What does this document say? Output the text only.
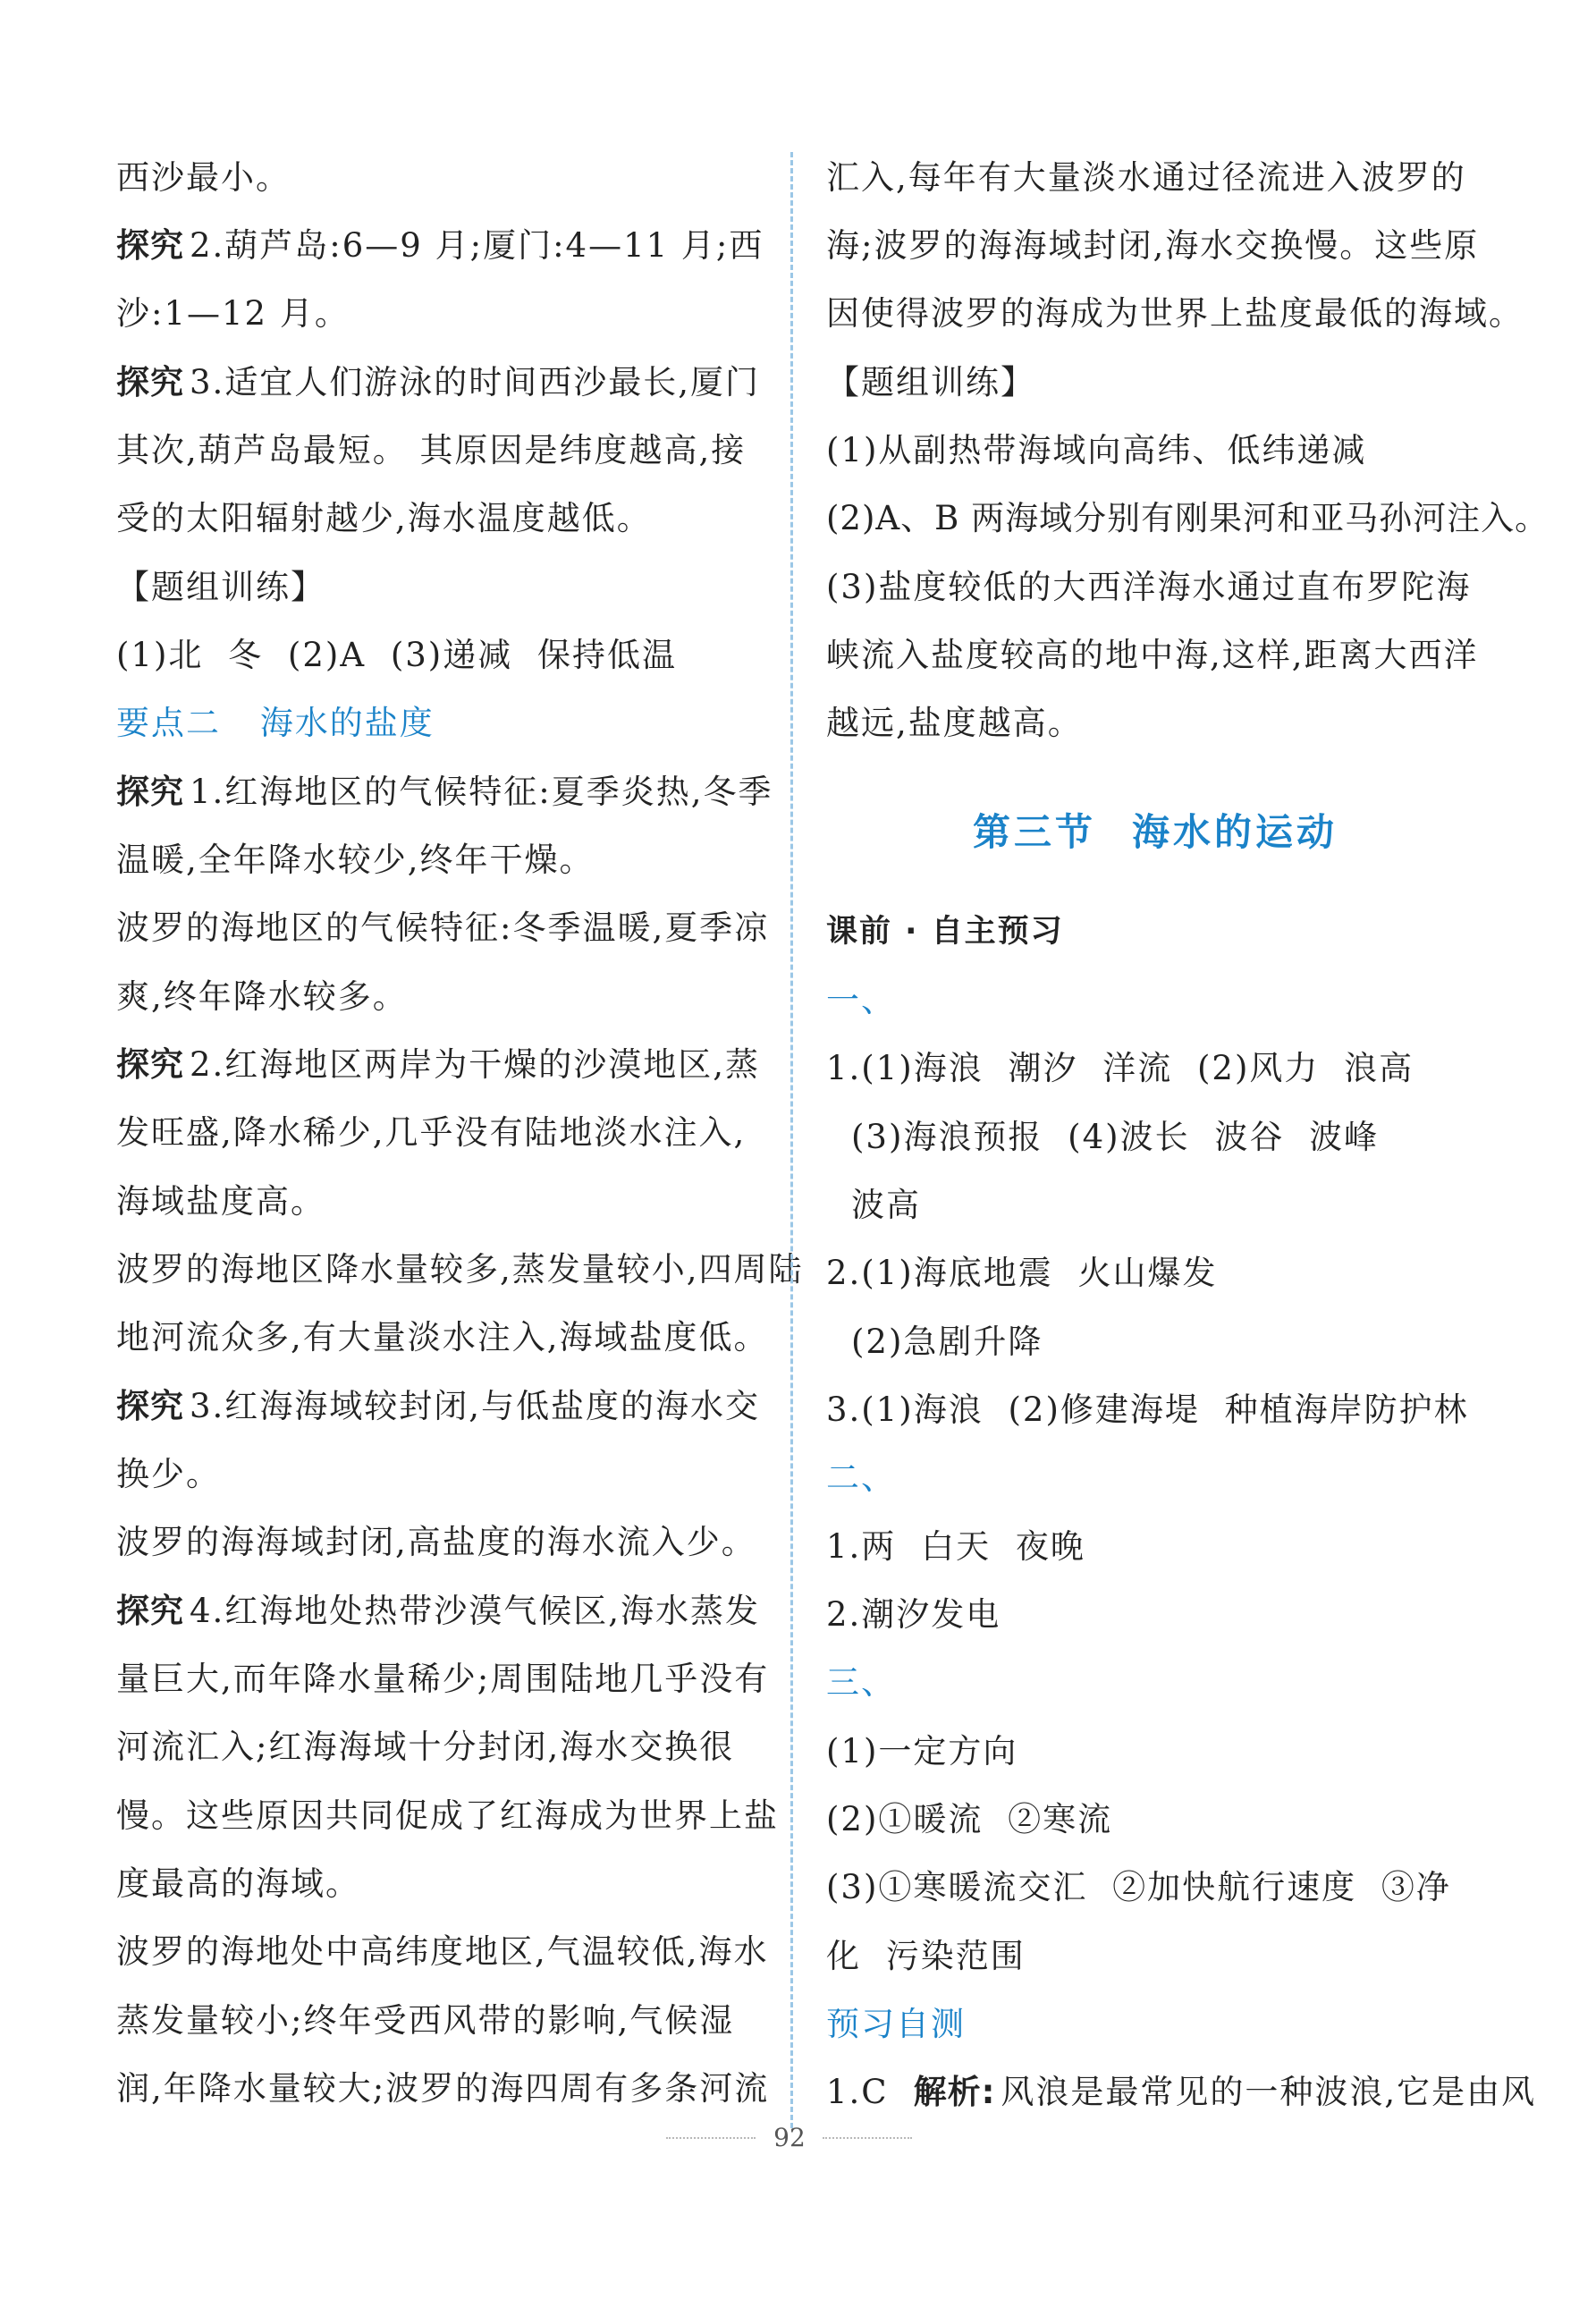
西沙最小。
探究 2.葫芦岛:6—9 月;厦门:4—11 月;西
沙:1—12 月。
探究 3.适宜人们游泳的时间西沙最长,厦门
其次,葫芦岛最短。 其原因是纬度越高,接
受的太阳辐射越少,海水温度越低。
【题组训练】
(1)北 冬 (2)A (3)递减 保持低温
要点二 海水的盐度
探究 1.红海地区的气候特征:夏季炎热,冬季
温暖,全年降水较少,终年干燥。
波罗的海地区的气候特征:冬季温暖,夏季凉
爽,终年降水较多。
探究 2.红海地区两岸为干燥的沙漠地区,蒸
发旺盛,降水稀少,几乎没有陆地淡水注入,
海域盐度高。
波罗的海地区降水量较多,蒸发量较小,四周陆
地河流众多,有大量淡水注入,海域盐度低。
探究 3.红海海域较封闭,与低盐度的海水交
换少。
波罗的海海域封闭,高盐度的海水流入少。
探究 4.红海地处热带沙漠气候区,海水蒸发
量巨大,而年降水量稀少;周围陆地几乎没有
河流汇入;红海海域十分封闭,海水交换很
慢。这些原因共同促成了红海成为世界上盐
度最高的海域。
波罗的海地处中高纬度地区,气温较低,海水
蒸发量较小;终年受西风带的影响,气候湿
润,年降水量较大;波罗的海四周有多条河流
汇入,每年有大量淡水通过径流进入波罗的
海;波罗的海海域封闭,海水交换慢。这些原
因使得波罗的海成为世界上盐度最低的海域。
【题组训练】
(1)从副热带海域向高纬、低纬递减
(2)A、B 两海域分别有刚果河和亚马孙河注入。
(3)盐度较低的大西洋海水通过直布罗陀海
峡流入盐度较高的地中海,这样,距离大西洋
越远,盐度越高。
第三节 海水的运动
课前 · 自主预习
一、
1.(1)海浪 潮汐 洋流 (2)风力 浪高
(3)海浪预报 (4)波长 波谷 波峰
波高
2.(1)海底地震 火山爆发
(2)急剧升降
3.(1)海浪 (2)修建海堤 种植海岸防护林
二、
1.两 白天 夜晚
2.潮汐发电
三、
(1)一定方向
(2)①暖流 ②寒流
(3)①寒暖流交汇 ②加快航行速度 ③净
化 污染范围
预习自测
1.C 解析: 风浪是最常见的一种波浪,它是由风
92
